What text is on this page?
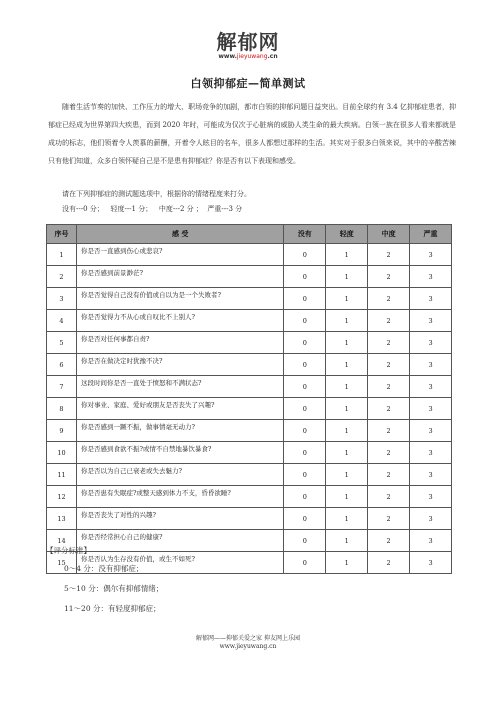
解郁网
www.jieyuwang.cn
白领抑郁症—简单测试
随着生活节奏的加快、工作压力的增大、职场竞争的加剧，都市白领的抑郁问题日益突出。目前全球约有 3.4 亿抑郁症患者，抑郁症已经成为世界第四大疾患，而到 2020 年时，可能成为仅次于心脏病的威胁人类生命的最大疾病。白领一族在很多人看来都就是成功的标志，他们领着令人羡慕的薪酬，开着令人眩目的名车，很多人都想过那样的生活。其实对于很多白领来说，其中的辛酸苦辣只有他们知道，众多白领怀疑自己是不是患有抑郁症？你是否有以下表现和感受。
请在下列抑郁症的测试题选项中，根据你的情绪程度来打分。
没有---0 分；   轻度---1 分；   中度---2 分 ；  严重---3 分
序号	感 受	没有	轻度	中度	严重
1	你是否一直感到伤心或悲哀?	0	1	2	3
2	你是否感到前景渺茫?	0	1	2	3
3	你是否觉得自己没有价值或自以为是一个失败者?	0	1	2	3
4	你是否觉得力不从心或自叹比不上别人?	0	1	2	3
5	你是否对任何事都自责?	0	1	2	3
6	你是否在做决定时犹豫不决?	0	1	2	3
7	这段时间你是否一直处于愤怒和不满状态?	0	1	2	3
8	你对事业、家庭、爱好或朋友是否丧失了兴趣?	0	1	2	3
9	你是否感到一蹶不振，做事情毫无动力?	0	1	2	3
10	你是否感到食欲不振?或情不自禁地暴饮暴食?	0	1	2	3
11	你是否以为自己已衰老或失去魅力?	0	1	2	3
12	你是否患有失眠症?或整天感到体力不支，昏昏欲睡?	0	1	2	3
13	你是否丧失了对性的兴趣?	0	1	2	3
14	你是否经常担心自己的健康?	0	1	2	3
15	你是否认为生存没有价值，或生不如死?	0	1	2	3
【评分标准】
0～4 分：没有抑郁症；
5～10 分：偶尔有抑郁情绪；
11～20 分：有轻度抑郁症；
解郁网——抑郁关爱之家 抑友网上乐园
www.jieyuwang.cn
